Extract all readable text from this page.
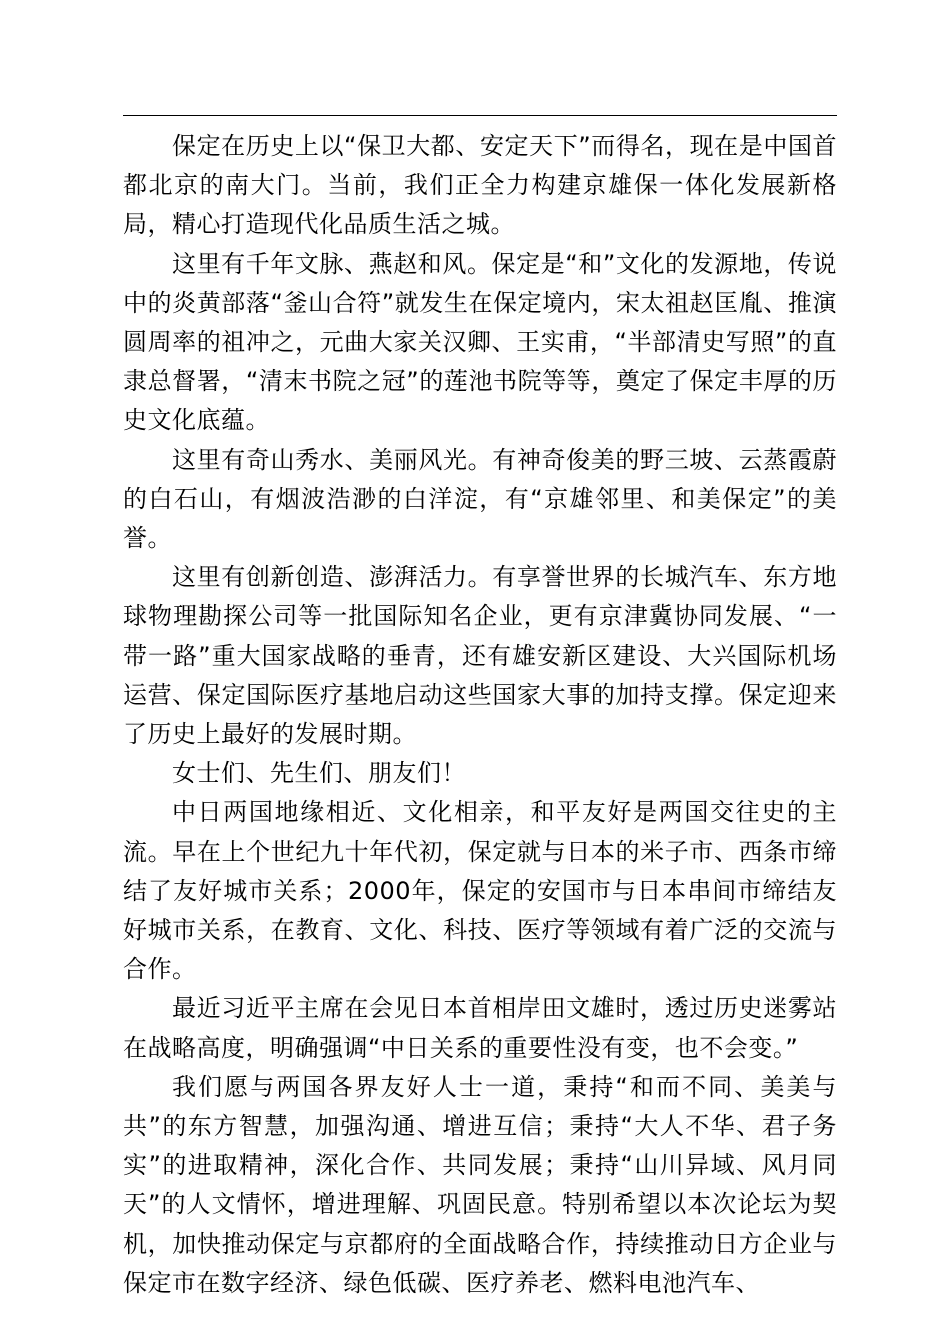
保定在历史上以“保卫大都、安定天下”而得名，现在是中国首都北京的南大门。当前，我们正全力构建京雄保一体化发展新格局，精心打造现代化品质生活之城。

这里有千年文脉、燕赵和风。保定是“和”文化的发源地，传说中的炎黄部落“釜山合符”就发生在保定境内，宋太祖赵匡胤、推演圆周率的祖冲之，元曲大家关汉卿、王实甫，“半部清史写照”的直隶总督署，“清末书院之冠”的莲池书院等等，奠定了保定丰厚的历史文化底蕴。

这里有奇山秀水、美丽风光。有神奇俊美的野三坡、云蒸霞蔚的白石山，有烟波浩渺的白洋淀，有“京雄邻里、和美保定”的美誉。

这里有创新创造、澎湃活力。有享誉世界的长城汽车、东方地球物理勘探公司等一批国际知名企业，更有京津冀协同发展、“一带一路”重大国家战略的垂青，还有雄安新区建设、大兴国际机场运营、保定国际医疗基地启动这些国家大事的加持支撑。保定迎来了历史上最好的发展时期。

女士们、先生们、朋友们！

中日两国地缘相近、文化相亲，和平友好是两国交往史的主流。早在上个世纪九十年代初，保定就与日本的米子市、西条市缔结了友好城市关系；2000年，保定的安国市与日本串间市缔结友好城市关系，在教育、文化、科技、医疗等领域有着广泛的交流与合作。

最近习近平主席在会见日本首相岸田文雄时，透过历史迷雾站在战略高度，明确强调“中日关系的重要性没有变，也不会变。”

我们愿与两国各界友好人士一道，秉持“和而不同、美美与共”的东方智慧，加强沟通、增进互信；秉持“大人不华、君子务实”的进取精神，深化合作、共同发展；秉持“山川异域、风月同天”的人文情怀，增进理解、巩固民意。特别希望以本次论坛为契机，加快推动保定与京都府的全面战略合作，持续推动日方企业与保定市在数字经济、绿色低碳、医疗养老、燃料电池汽车、
